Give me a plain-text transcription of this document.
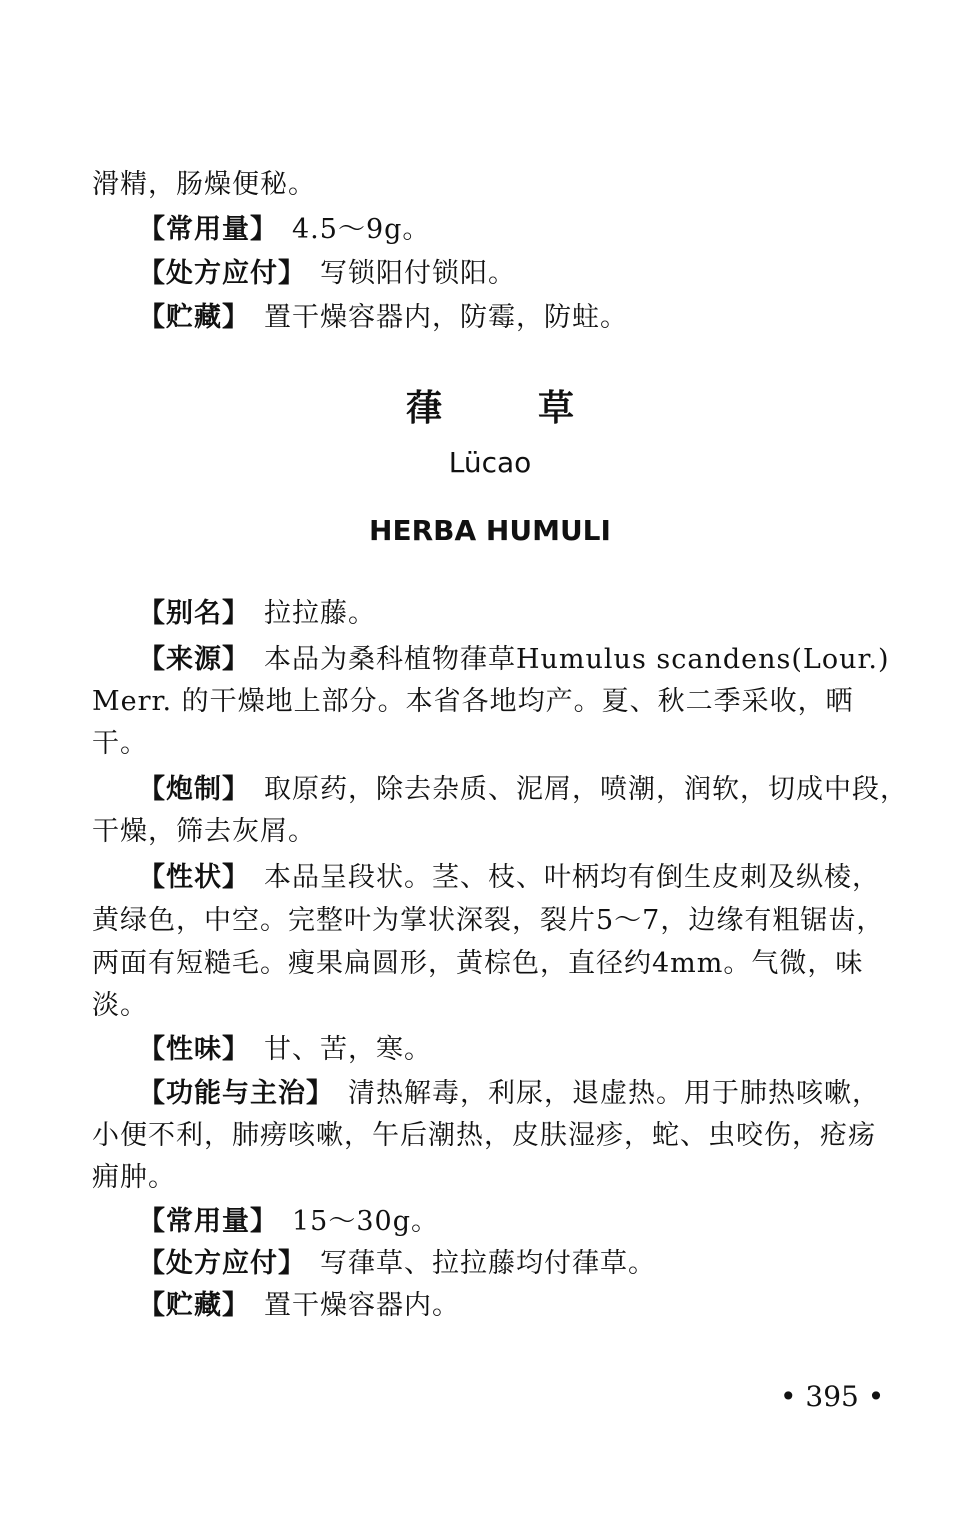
滑精，肠燥便秘。
【常用量】 4.5～9g。
【处方应付】 写锁阳付锁阳。
【贮藏】 置干燥容器内，防霉，防蛀。
葎草
Lücao
HERBA HUMULI
【别名】 拉拉藤。
【来源】 本品为桑科植物葎草Humulus scandens(Lour.)
Merr. 的干燥地上部分。本省各地均产。夏、秋二季采收，晒
干。
【炮制】 取原药，除去杂质、泥屑，喷潮，润软，切成中段，
干燥，筛去灰屑。
【性状】 本品呈段状。茎、枝、叶柄均有倒生皮刺及纵棱，
黄绿色，中空。完整叶为掌状深裂，裂片5～7，边缘有粗锯齿，
两面有短糙毛。瘦果扁圆形，黄棕色，直径约4mm。气微，味
淡。
【性味】 甘、苦，寒。
【功能与主治】 清热解毒，利尿，退虚热。用于肺热咳嗽，
小便不利，肺痨咳嗽，午后潮热，皮肤湿疹，蛇、虫咬伤，疮疡
痈肿。
【常用量】 15～30g。
【处方应付】 写葎草、拉拉藤均付葎草。
【贮藏】 置干燥容器内。
• 395 •
